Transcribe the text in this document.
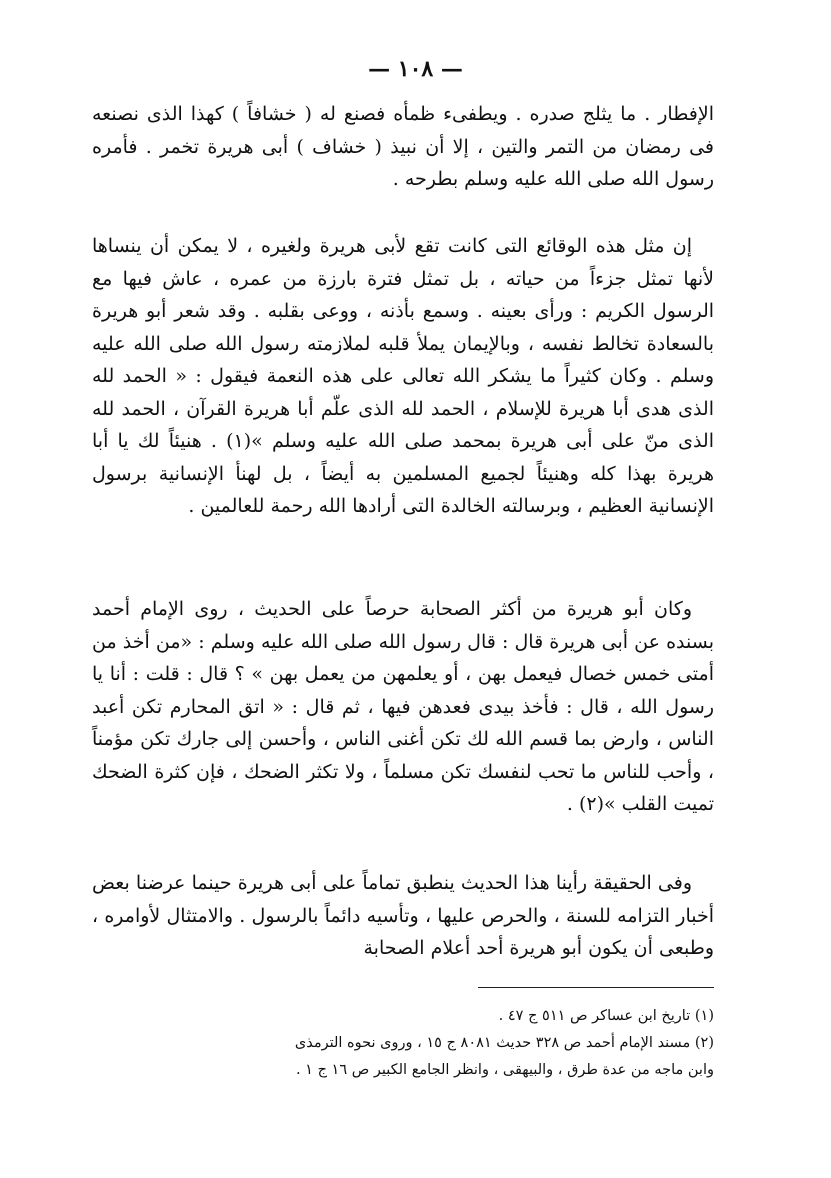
— ١٠٨ —

الإفطار . ما يثلج صدره . ويطفىء ظمأه فصنع له ( خشافاً ) كهذا الذى نصنعه فى رمضان من التمر والتين ، إلا أن نبيذ ( خشاف ) أبى هريرة تخمر . فأمره رسول الله صلى الله عليه وسلم بطرحه .

إن مثل هذه الوقائع التى كانت تقع لأبى هريرة ولغيره ، لا يمكن أن ينساها لأنها تمثل جزءاً من حياته ، بل تمثل فترة بارزة من عمره ، عاش فيها مع الرسول الكريم : ورأى بعينه . وسمع بأذنه ، ووعى بقلبه . وقد شعر أبو هريرة بالسعادة تخالط نفسه ، وبالإيمان يملأ قلبه لملازمته رسول الله صلى الله عليه وسلم . وكان كثيراً ما يشكر الله تعالى على هذه النعمة فيقول : « الحمد لله الذى هدى أبا هريرة للإسلام ، الحمد لله الذى علّم أبا هريرة القرآن ، الحمد لله الذى منّ على أبى هريرة بمحمد صلى الله عليه وسلم »(١) . هنيئاً لك يا أبا هريرة بهذا كله وهنيئاً لجميع المسلمين به أيضاً ، بل لهنأ الإنسانية برسول الإنسانية العظيم ، وبرسالته الخالدة التى أرادها الله رحمة للعالمين .

وكان أبو هريرة من أكثر الصحابة حرصاً على الحديث ، روى الإمام أحمد بسنده عن أبى هريرة قال : قال رسول الله صلى الله عليه وسلم : «من أخذ من أمتى خمس خصال فيعمل بهن ، أو يعلمهن من يعمل بهن » ؟ قال : قلت : أنا يا رسول الله ، قال : فأخذ بيدى فعدهن فيها ، ثم قال : « اتق المحارم تكن أعبد الناس ، وارض بما قسم الله لك تكن أغنى الناس ، وأحسن إلى جارك تكن مؤمناً ، وأحب للناس ما تحب لنفسك تكن مسلماً ، ولا تكثر الضحك ، فإن كثرة الضحك تميت القلب »(٢) .

وفى الحقيقة رأينا هذا الحديث ينطبق تماماً على أبى هريرة حينما عرضنا بعض أخبار التزامه للسنة ، والحرص عليها ، وتأسيه دائماً بالرسول . والامتثال لأوامره ، وطبعى أن يكون أبو هريرة أحد أعلام الصحابة

(١) تاريخ ابن عساكر ص ٥١١ ج ٤٧ .

(٢) مسند الإمام أحمد ص ٣٢٨ حديث ٨٠٨١ ج ١٥ ، وروى نحوه الترمذى

وابن ماجه من عدة طرق ، والبيهقى ، وانظر الجامع الكبير ص ١٦ ج ١ .
